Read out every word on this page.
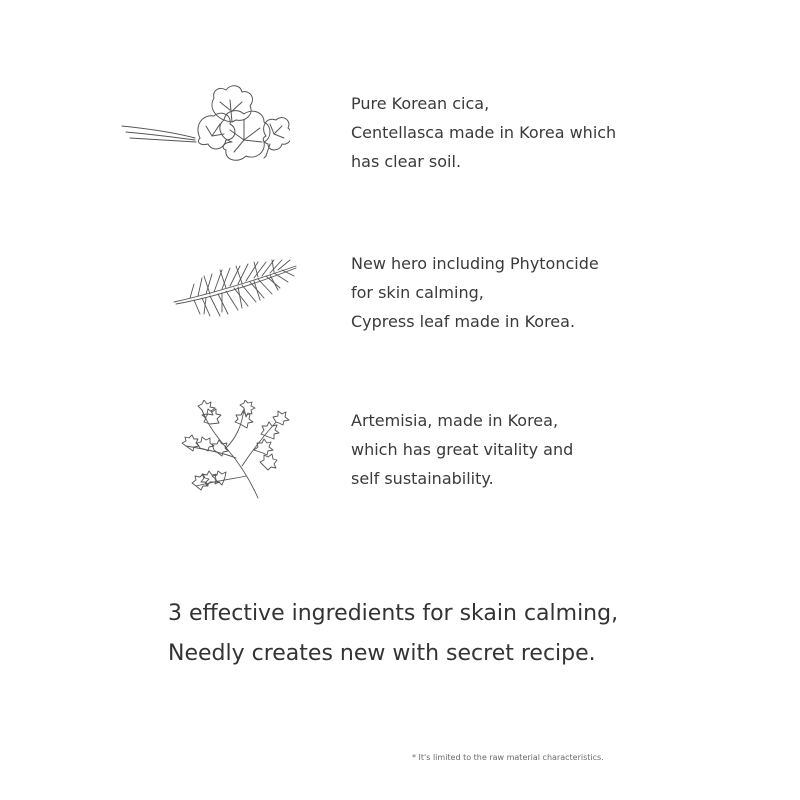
Pure Korean cica,
Centellasca made in Korea which
has clear soil.

New hero including Phytoncide
for skin calming,
Cypress leaf made in Korea.

Artemisia, made in Korea,
which has great vitality and
self sustainability.

3 effective ingredients for skain calming,
Needly creates new with secret recipe.
* It's limited to the raw material characteristics.
